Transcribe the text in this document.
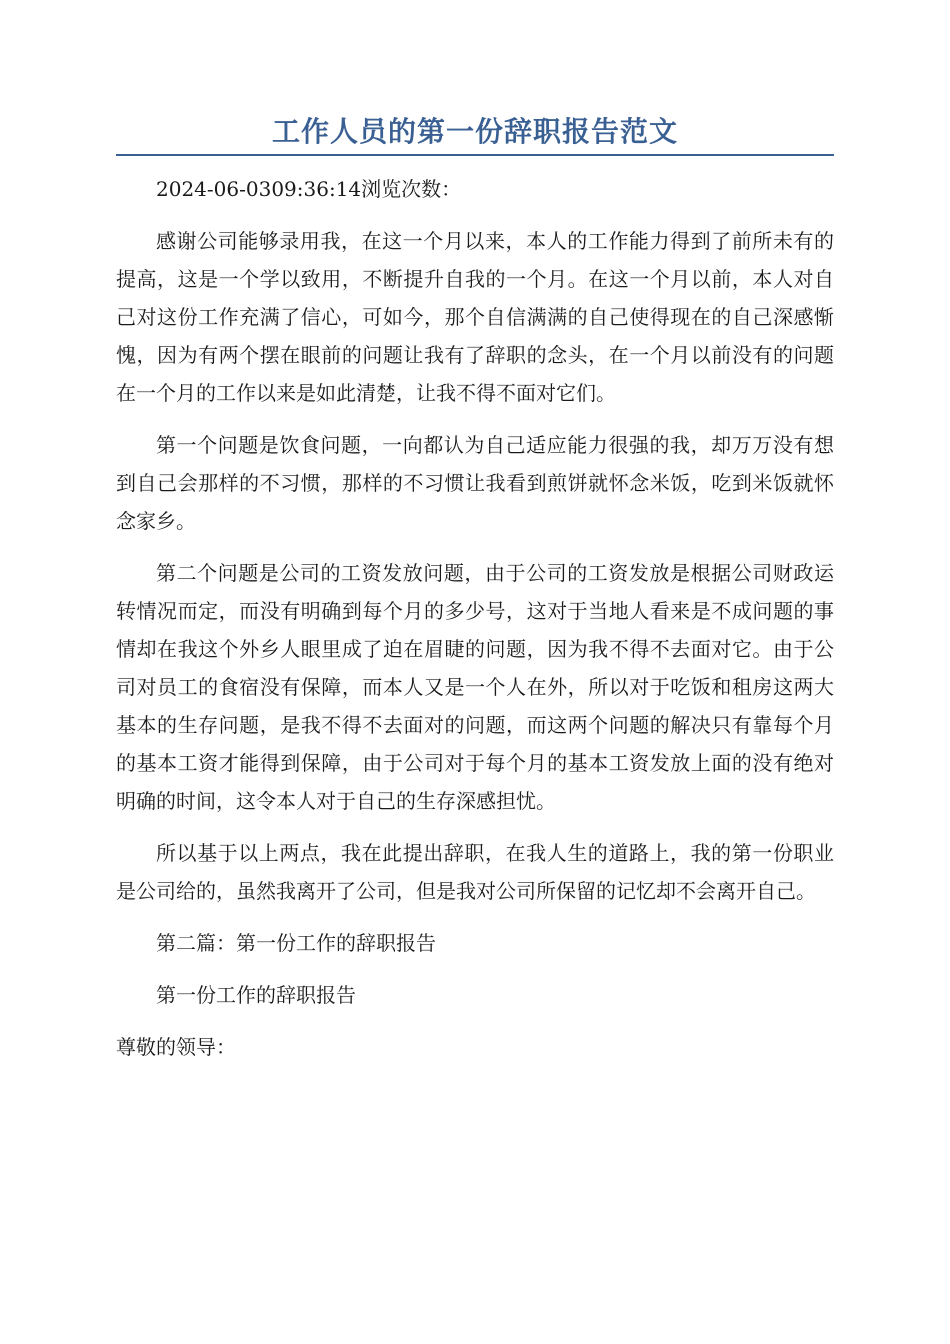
工作人员的第一份辞职报告范文

2024-06-0309:36:14浏览次数：

感谢公司能够录用我，在这一个月以来，本人的工作能力得到了前所未有的提高，这是一个学以致用，不断提升自我的一个月。在这一个月以前，本人对自己对这份工作充满了信心，可如今，那个自信满满的自己使得现在的自己深感惭愧，因为有两个摆在眼前的问题让我有了辞职的念头，在一个月以前没有的问题在一个月的工作以来是如此清楚，让我不得不面对它们。

第一个问题是饮食问题，一向都认为自己适应能力很强的我，却万万没有想到自己会那样的不习惯，那样的不习惯让我看到煎饼就怀念米饭，吃到米饭就怀念家乡。

第二个问题是公司的工资发放问题，由于公司的工资发放是根据公司财政运转情况而定，而没有明确到每个月的多少号，这对于当地人看来是不成问题的事情却在我这个外乡人眼里成了迫在眉睫的问题，因为我不得不去面对它。由于公司对员工的食宿没有保障，而本人又是一个人在外，所以对于吃饭和租房这两大基本的生存问题，是我不得不去面对的问题，而这两个问题的解决只有靠每个月的基本工资才能得到保障，由于公司对于每个月的基本工资发放上面的没有绝对明确的时间，这令本人对于自己的生存深感担忧。

所以基于以上两点，我在此提出辞职，在我人生的道路上，我的第一份职业是公司给的，虽然我离开了公司，但是我对公司所保留的记忆却不会离开自己。

第二篇：第一份工作的辞职报告

第一份工作的辞职报告

尊敬的领导：
